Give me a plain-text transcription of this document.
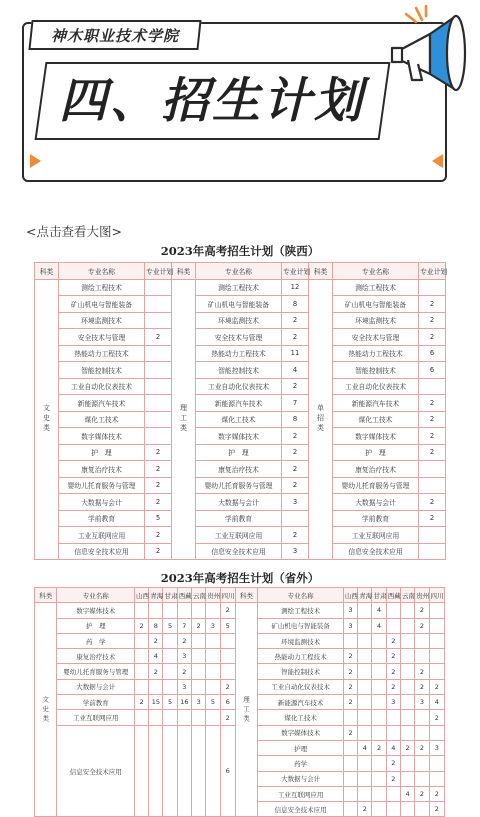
神木职业技术学院
四、招生计划
<点击查看大图>
2023年高考招生计划（陕西）
科类	专业名称	专业计划	科类	专业名称	专业计划	科类	专业名称	专业计划
文史类	测绘工程技术		理工类	测绘工程技术	12	单招类	测绘工程技术	
	矿山机电与智能装备			矿山机电与智能装备	8		矿山机电与智能装备	2
	环境监测技术			环境监测技术	2		环境监测技术	2
	安全技术与管理	2		安全技术与管理	2		安全技术与管理	2
	热能动力工程技术			热能动力工程技术	11		热能动力工程技术	6
	智能控制技术			智能控制技术	4		智能控制技术	6
	工业自动化仪表技术			工业自动化仪表技术	2		工业自动化仪表技术	
	新能源汽车技术			新能源汽车技术	7		新能源汽车技术	2
	煤化工技术			煤化工技术	8		煤化工技术	2
	数字媒体技术			数字媒体技术	2		数字媒体技术	2
	护　理	2		护　理	2		护　理	2
	康复治疗技术	2		康复治疗技术	2		康复治疗技术	
	婴幼儿托育服务与管理	2		婴幼儿托育服务与管理	2		婴幼儿托育服务与管理	
	大数据与会计	2		大数据与会计	3		大数据与会计	2
	学前教育	5		学前教育			学前教育	2
	工业互联网应用	2		工业互联网应用	2		工业互联网应用	
	信息安全技术应用	2		信息安全技术应用	3		信息安全技术应用	
2023年高考招生计划（省外）
科类	专业名称	山西	青海	甘肃	西藏	云南	贵州	四川	科类	专业名称	山西	青海	甘肃	西藏	云南	贵州	四川
文史类	数字媒体技术							2	理工类	测绘工程技术	3		4			2	
	护　理	2	8	5	7	2	3	5		矿山机电与智能装备	3		4			2	
	药　学		2		2					环境监测技术				2			
	康复治疗技术		4		3					热能动力工程技术	2			2			
	婴幼儿托育服务与管理		2		2					智能控制技术	2			2		2	
	大数据与会计				3			2		工业自动化仪表技术	2			2		2	2
	学前教育	2	15	5	16	3	5	6		新能源汽车技术	2			3		3	4
	工业互联网应用							2		煤化工技术							2
	信息安全技术应用							6		数字媒体技术	2						
										护理		4	2	4	2	2	3
										药学				2			
										大数据与会计				2			
										工业互联网应用					4	2	2
										信息安全技术应用		2					2
